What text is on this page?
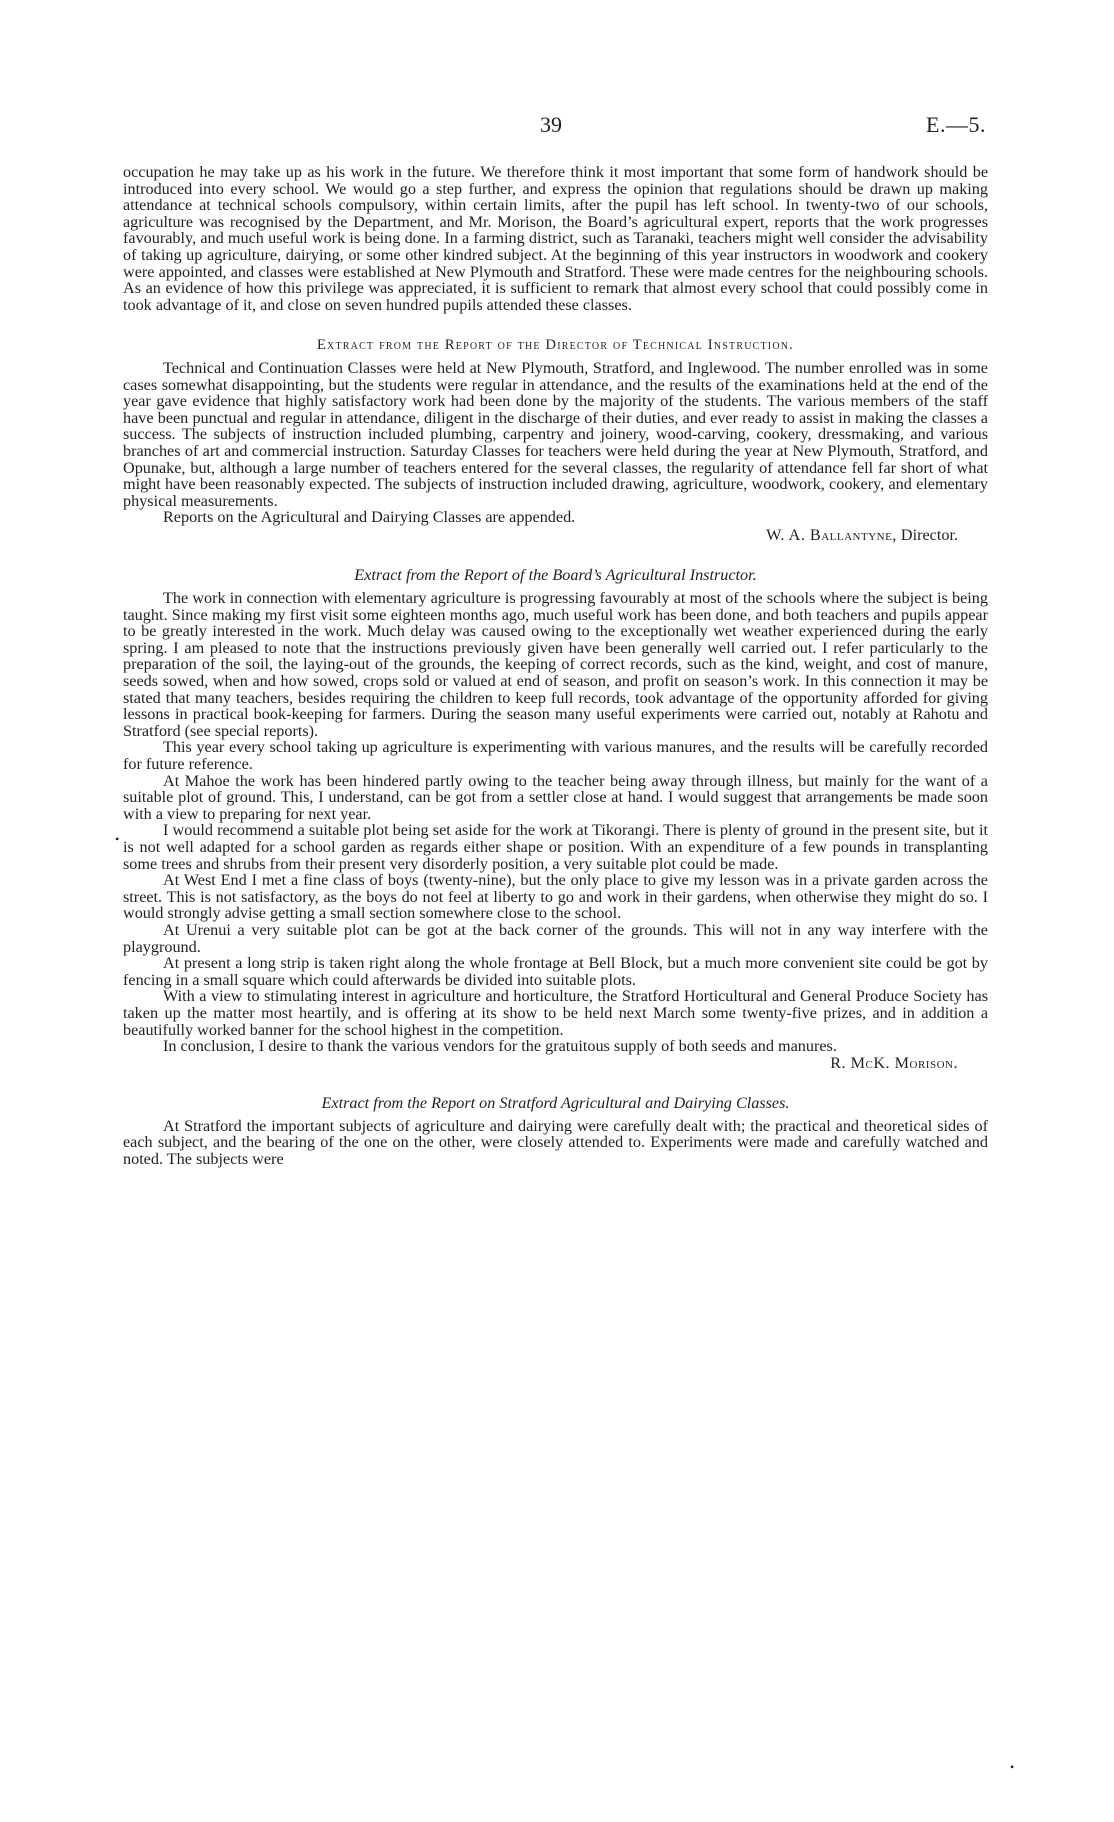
39	E.—5.

occupation he may take up as his work in the future. We therefore think it most important that some form of handwork should be introduced into every school. We would go a step further, and express the opinion that regulations should be drawn up making attendance at technical schools compulsory, within certain limits, after the pupil has left school. In twenty-two of our schools, agriculture was recognised by the Department, and Mr. Morison, the Board’s agricultural expert, reports that the work progresses favourably, and much useful work is being done. In a farming district, such as Taranaki, teachers might well consider the advisability of taking up agriculture, dairying, or some other kindred subject. At the beginning of this year instructors in woodwork and cookery were appointed, and classes were established at New Plymouth and Stratford. These were made centres for the neighbouring schools. As an evidence of how this privilege was appreciated, it is sufficient to remark that almost every school that could possibly come in took advantage of it, and close on seven hundred pupils attended these classes.

Extract from the Report of the Director of Technical Instruction.

Technical and Continuation Classes were held at New Plymouth, Stratford, and Inglewood. The number enrolled was in some cases somewhat disappointing, but the students were regular in attendance, and the results of the examinations held at the end of the year gave evidence that highly satisfactory work had been done by the majority of the students. The various members of the staff have been punctual and regular in attendance, diligent in the discharge of their duties, and ever ready to assist in making the classes a success. The subjects of instruction included plumbing, carpentry and joinery, wood-carving, cookery, dressmaking, and various branches of art and commercial instruction. Saturday Classes for teachers were held during the year at New Plymouth, Stratford, and Opunake, but, although a large number of teachers entered for the several classes, the regularity of attendance fell far short of what might have been reasonably expected. The subjects of instruction included drawing, agriculture, woodwork, cookery, and elementary physical measurements.

Reports on the Agricultural and Dairying Classes are appended.

W. A. Ballantyne, Director.
Extract from the Report of the Board’s Agricultural Instructor.

The work in connection with elementary agriculture is progressing favourably at most of the schools where the subject is being taught. Since making my first visit some eighteen months ago, much useful work has been done, and both teachers and pupils appear to be greatly interested in the work. Much delay was caused owing to the exceptionally wet weather experienced during the early spring. I am pleased to note that the instructions previously given have been generally well carried out. I refer particularly to the preparation of the soil, the laying-out of the grounds, the keeping of correct records, such as the kind, weight, and cost of manure, seeds sowed, when and how sowed, crops sold or valued at end of season, and profit on season’s work. In this connection it may be stated that many teachers, besides requiring the children to keep full records, took advantage of the opportunity afforded for giving lessons in practical book-keeping for farmers. During the season many useful experiments were carried out, notably at Rahotu and Stratford (see special reports).

This year every school taking up agriculture is experimenting with various manures, and the results will be carefully recorded for future reference.

At Mahoe the work has been hindered partly owing to the teacher being away through illness, but mainly for the want of a suitable plot of ground. This, I understand, can be got from a settler close at hand. I would suggest that arrangements be made soon with a view to preparing for next year.

I would recommend a suitable plot being set aside for the work at Tikorangi. There is plenty of ground in the present site, but it is not well adapted for a school garden as regards either shape or position. With an expenditure of a few pounds in transplanting some trees and shrubs from their present very disorderly position, a very suitable plot could be made.

At West End I met a fine class of boys (twenty-nine), but the only place to give my lesson was in a private garden across the street. This is not satisfactory, as the boys do not feel at liberty to go and work in their gardens, when otherwise they might do so. I would strongly advise getting a small section somewhere close to the school.

At Urenui a very suitable plot can be got at the back corner of the grounds. This will not in any way interfere with the playground.

At present a long strip is taken right along the whole frontage at Bell Block, but a much more convenient site could be got by fencing in a small square which could afterwards be divided into suitable plots.

With a view to stimulating interest in agriculture and horticulture, the Stratford Horticultural and General Produce Society has taken up the matter most heartily, and is offering at its show to be held next March some twenty-five prizes, and in addition a beautifully worked banner for the school highest in the competition.

In conclusion, I desire to thank the various vendors for the gratuitous supply of both seeds and manures.
R. McK. Morison.

Extract from the Report on Stratford Agricultural and Dairying Classes.

At Stratford the important subjects of agriculture and dairying were carefully dealt with; the practical and theoretical sides of each subject, and the bearing of the one on the other, were closely attended to. Experiments were made and carefully watched and noted. The subjects were

•
•
